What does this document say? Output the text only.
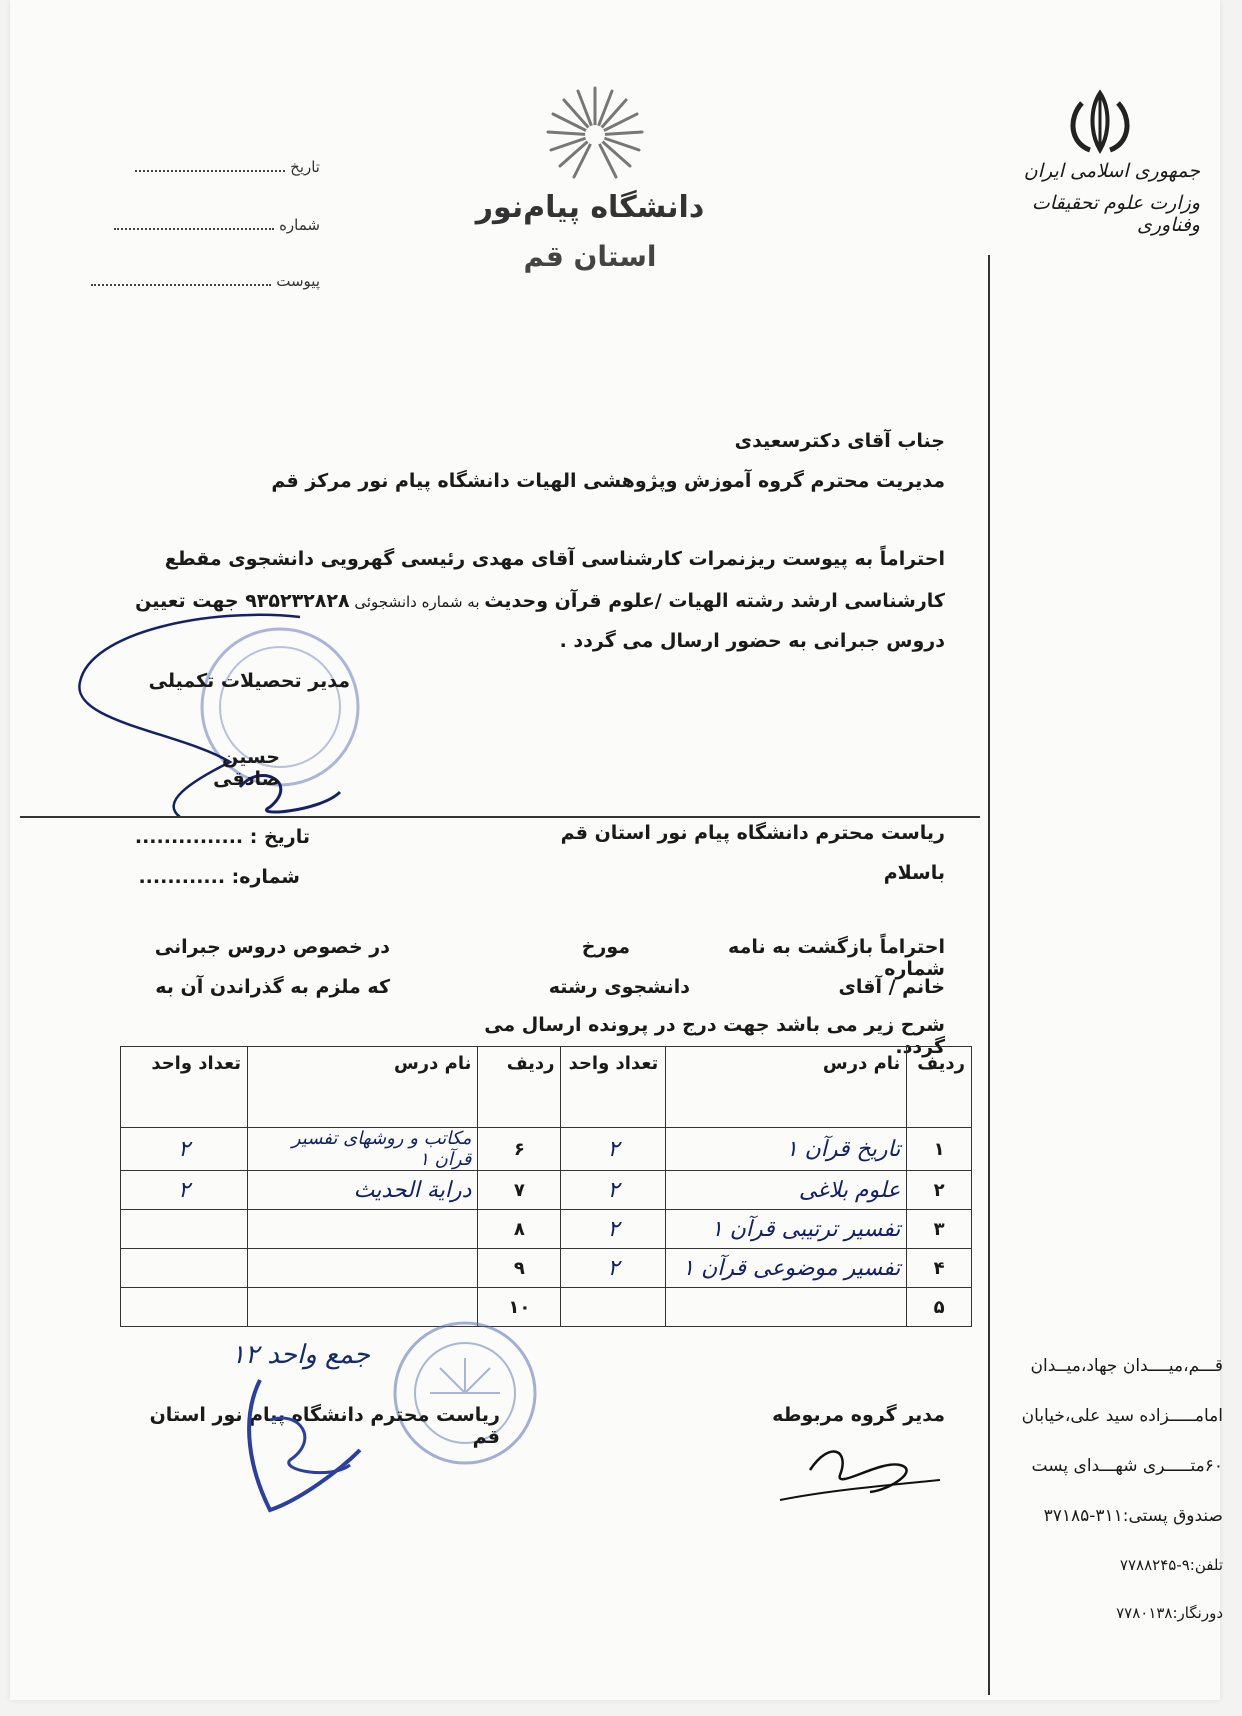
جمهوری اسلامی ایران
وزارت علوم تحقیقات وفناوری
دانشگاه پیام‌نور
استان قم
تاریخ
شماره
پیوست
جناب آقای دکترسعیدی
مدیریت محترم گروه آموزش وپژوهشی الهیات دانشگاه پیام نور مرکز قم
احتراماً به پیوست ریزنمرات کارشناسی آقای مهدی رئیسی گهرویی دانشجوی مقطع
کارشناسی ارشد رشته الهیات /علوم قرآن وحدیث به شماره دانشجوئی ۹۳۵۲۳۲۸۲۸ جهت تعیین
دروس جبرانی به حضور ارسال می گردد .
مدیر تحصیلات تکمیلی
حسین صادقی
ریاست محترم دانشگاه پیام نور استان قم
باسلام
تاریخ : ...............
شماره: ............
احتراماً بازگشت به نامه شماره
مورخ
در خصوص دروس جبرانی
خانم / آقای
دانشجوی رشته
که ملزم به گذراندن آن به
شرح زیر می باشد جهت درج در پرونده ارسال می گردد.
ردیف	نام درس	تعداد واحد	ردیف	نام درس	تعداد واحد
۱	تاریخ قرآن ۱	۲	۶	مکاتب و روشهای تفسیر قرآن ۱	۲
۲	علوم بلاغی	۲	۷	درایة الحدیث	۲
۳	تفسیر ترتیبی قرآن ۱	۲	۸		
۴	تفسیر موضوعی قرآن ۱	۲	۹		
۵			۱۰		
جمع واحد ۱۲
ریاست محترم دانشگاه پیام نور استان قم
مدیر گروه مربوطه
قـــم،میــــدان جهاد،میــدان
امامـــــزاده سید علی،خیابان
۶۰متـــــری شهـــدای پست
صندوق پستی:۳۱۱-۳۷۱۸۵
تلفن:۹-۷۷۸۸۲۴۵
دورنگار:۷۷۸۰۱۳۸
